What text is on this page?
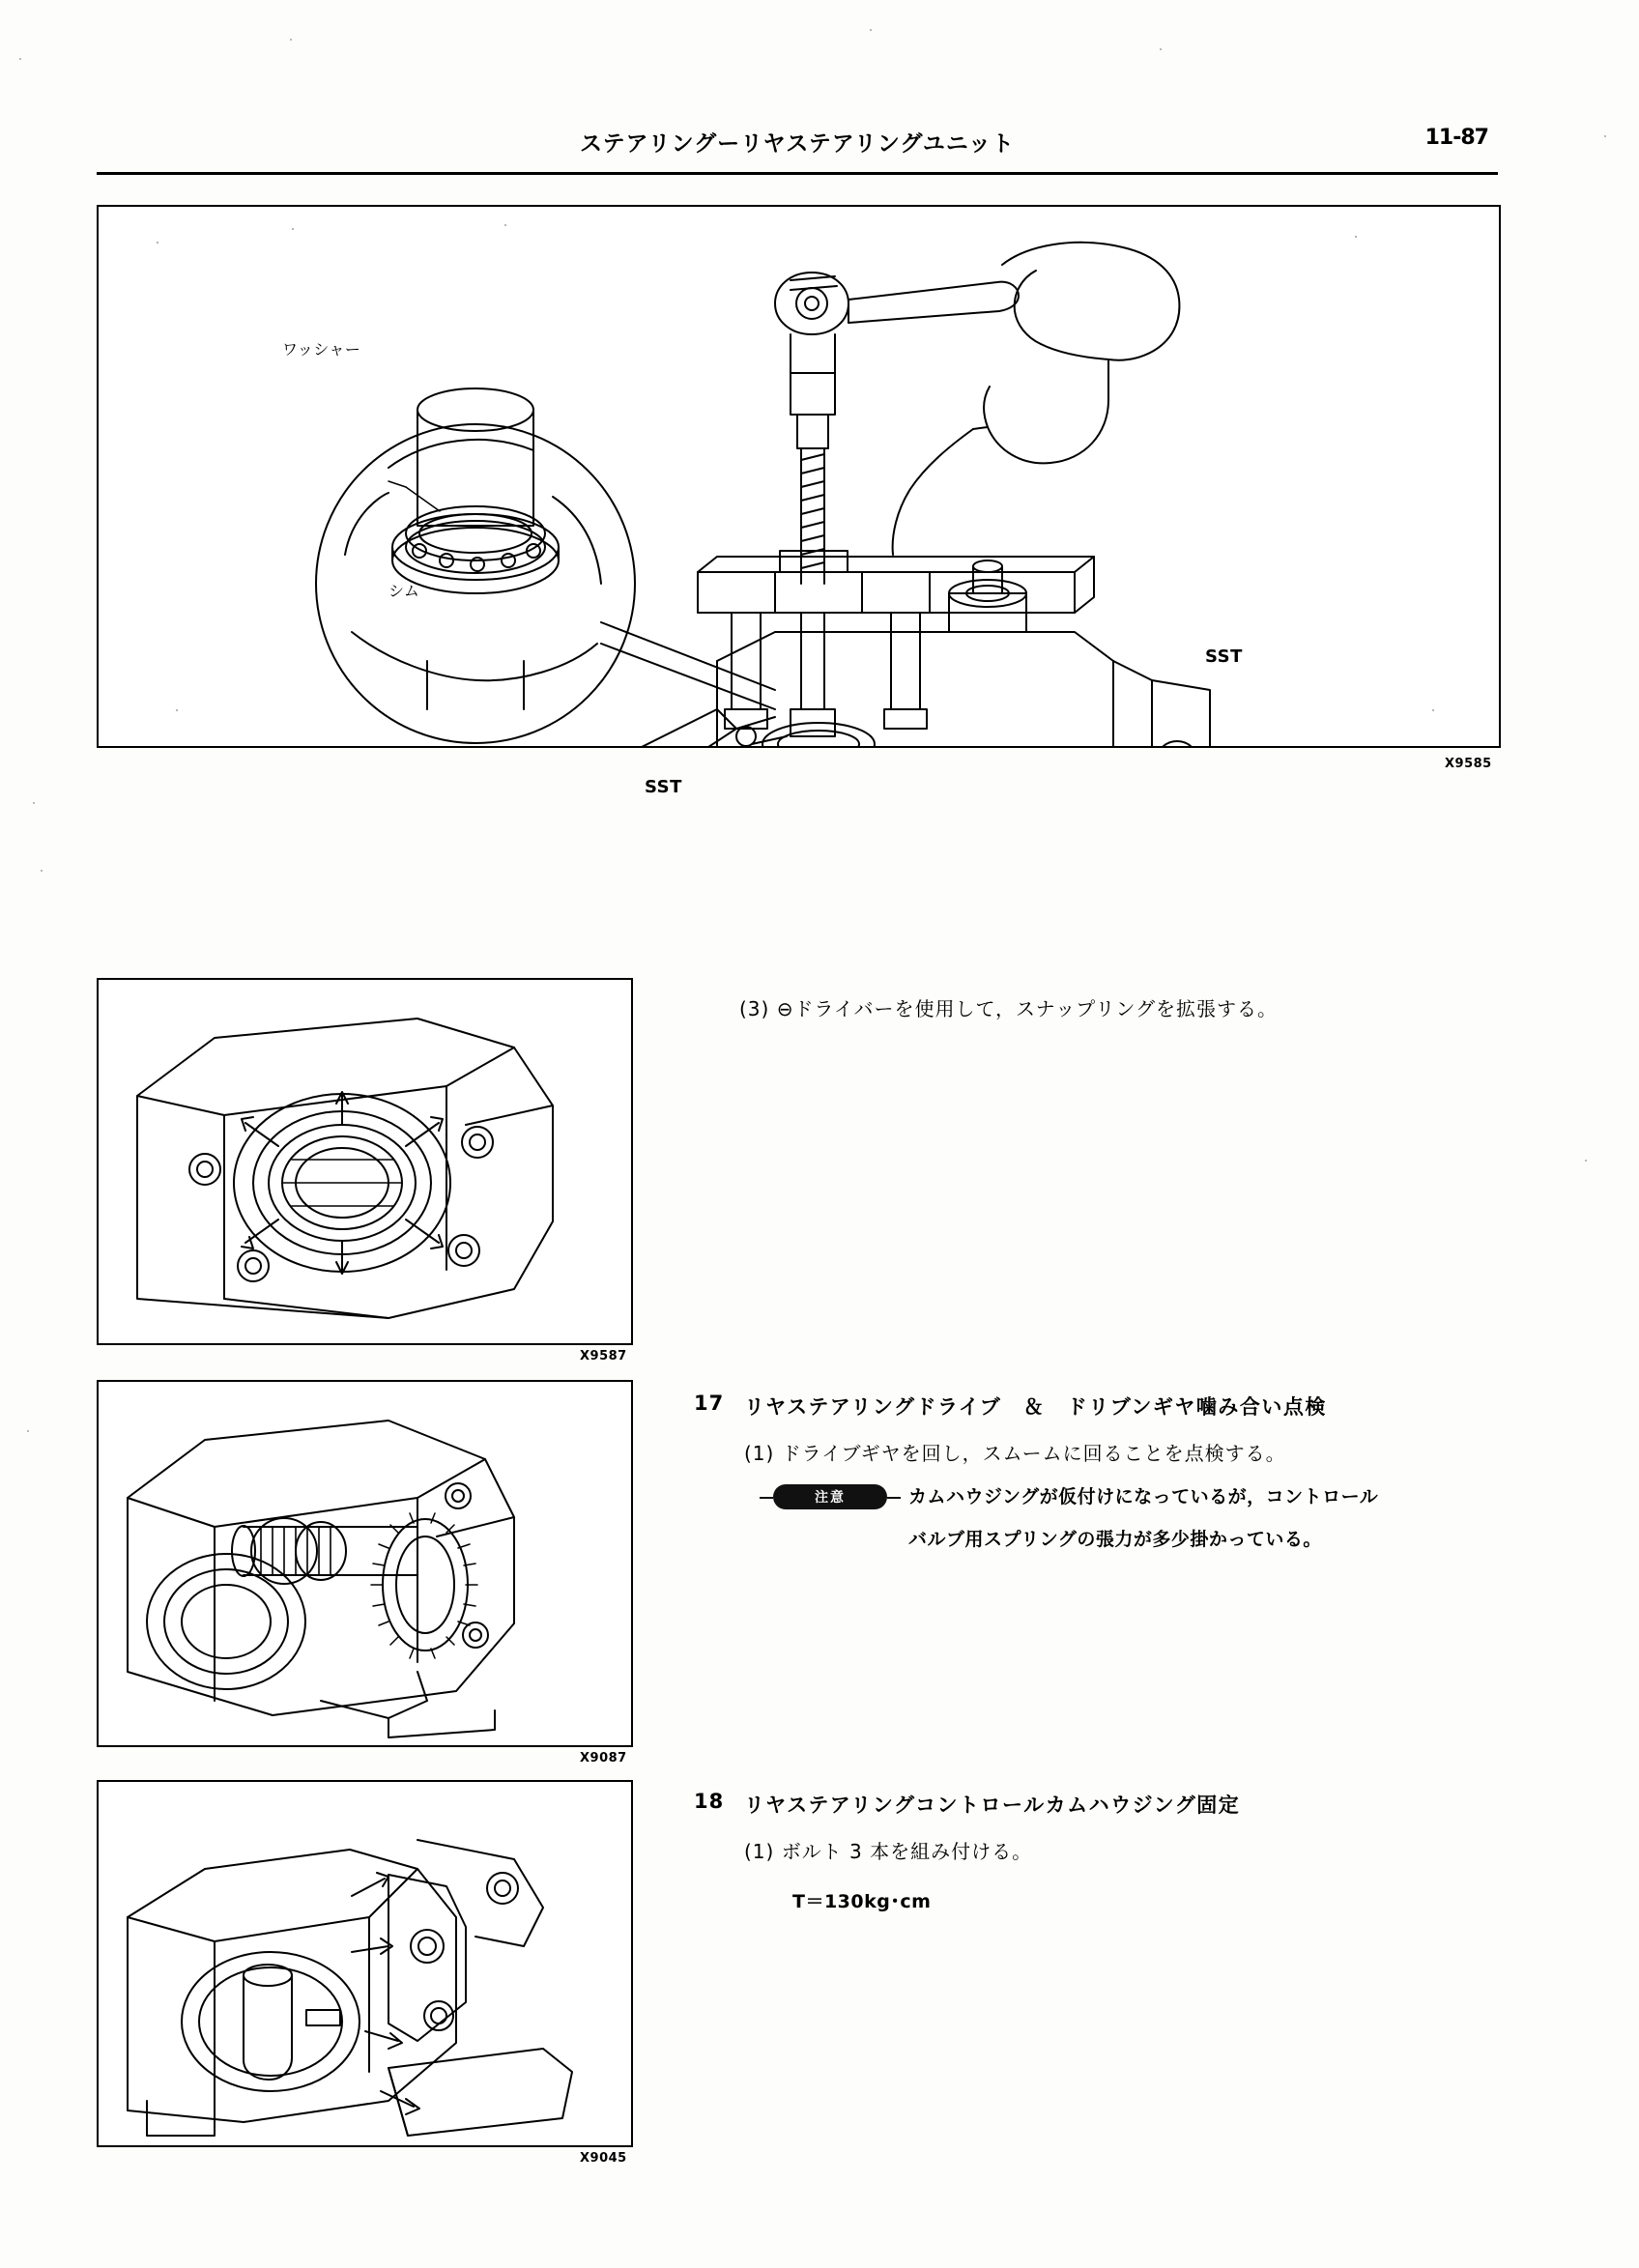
ステアリングーリヤステアリングユニット	11-87
ワッシャー
シム
SST
SST
X9585
(3) ⊖ドライバーを使用して，スナップリングを拡張する。
X9587
17 リヤステアリングドライブ　＆　ドリブンギヤ噛み合い点検
(1) ドライブギヤを回し，スムームに回ることを点検する。
注意	カムハウジングが仮付けになっているが，コントロール
バルブ用スプリングの張力が多少掛かっている。
X9087
18 リヤステアリングコントロールカムハウジング固定
(1) ボルト 3 本を組み付ける。
T＝130kg･cm
X9045
